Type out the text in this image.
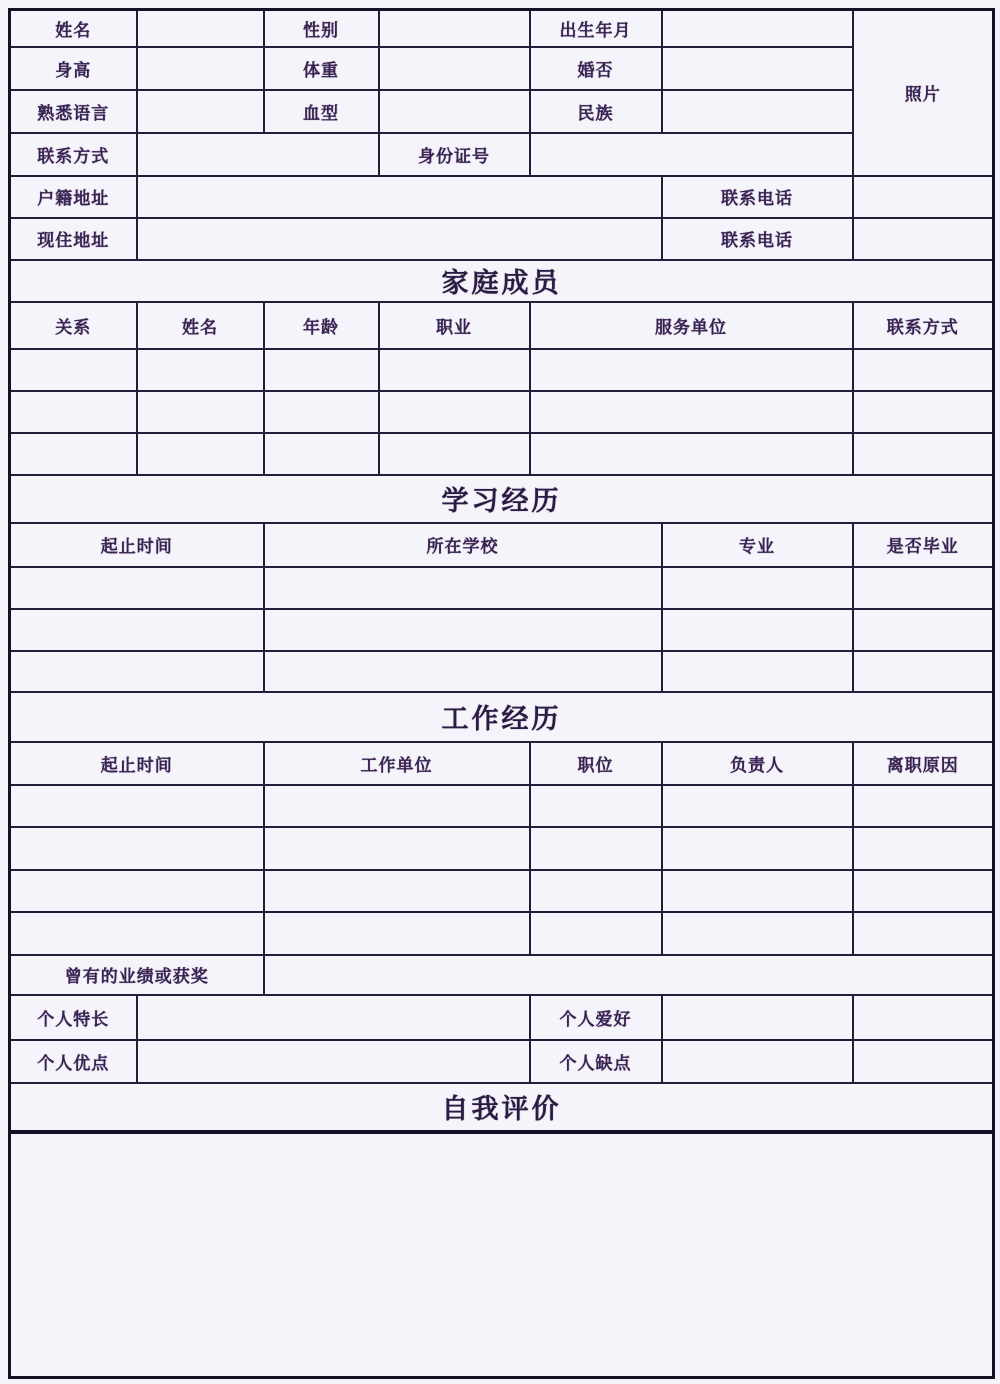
姓名		性别		出生年月		照片
身高		体重		婚否		
熟悉语言		血型		民族		
联系方式			身份证号			
户籍地址					联系电话	
现住地址					联系电话	
家庭成员						
关系	姓名	年龄	职业	服务单位		联系方式

学习经历						
起止时间		所在学校			专业	是否毕业

工作经历						
起止时间		工作单位		职位	负责人	离职原因

曾有的业绩或获奖						
个人特长				个人爱好		
个人优点				个人缺点		
自我评价						
